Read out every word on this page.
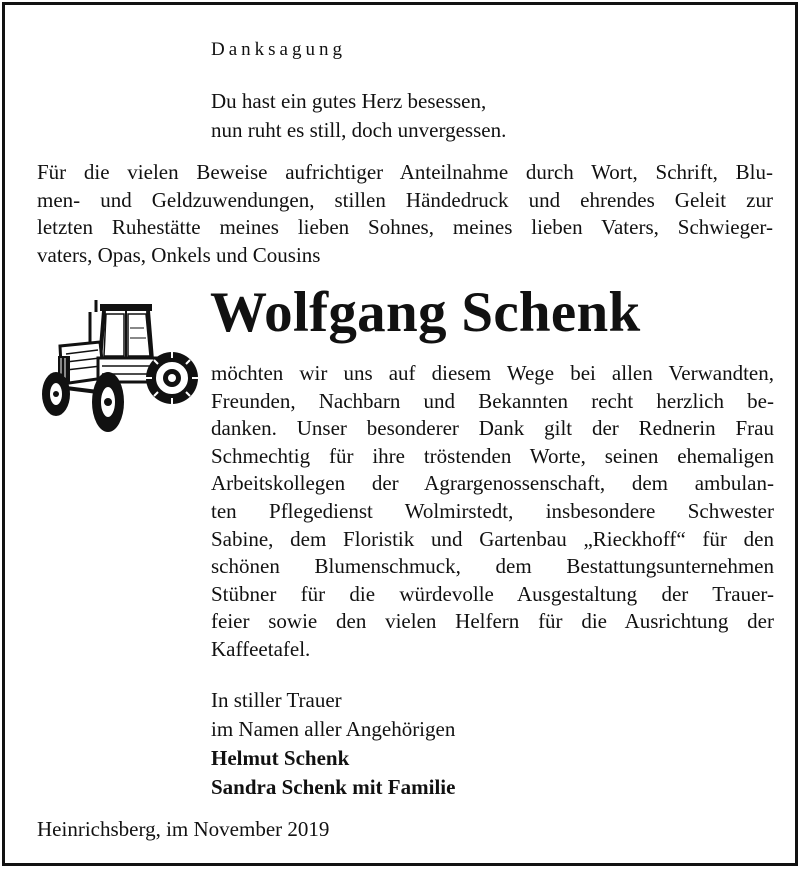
Danksagung
Du hast ein gutes Herz besessen,
nun ruht es still, doch unvergessen.
Für die vielen Beweise aufrichtiger Anteilnahme durch Wort, Schrift, Blu-
men- und Geldzuwendungen, stillen Händedruck und ehrendes Geleit zur
letzten Ruhestätte meines lieben Sohnes, meines lieben Vaters, Schwieger-
vaters, Opas, Onkels und Cousins
Wolfgang Schenk
möchten wir uns auf diesem Wege bei allen Verwandten,
Freunden, Nachbarn und Bekannten recht herzlich be-
danken. Unser besonderer Dank gilt der Rednerin Frau
Schmechtig für ihre tröstenden Worte, seinen ehemaligen
Arbeitskollegen der Agrargenossenschaft, dem ambulan-
ten Pflegedienst Wolmirstedt, insbesondere Schwester
Sabine, dem Floristik und Gartenbau „Rieckhoff“ für den
schönen Blumenschmuck, dem Bestattungsunternehmen
Stübner für die würdevolle Ausgestaltung der Trauer-
feier sowie den vielen Helfern für die Ausrichtung der
Kaffeetafel.
In stiller Trauer
im Namen aller Angehörigen
Helmut Schenk
Sandra Schenk mit Familie
Heinrichsberg, im November 2019
